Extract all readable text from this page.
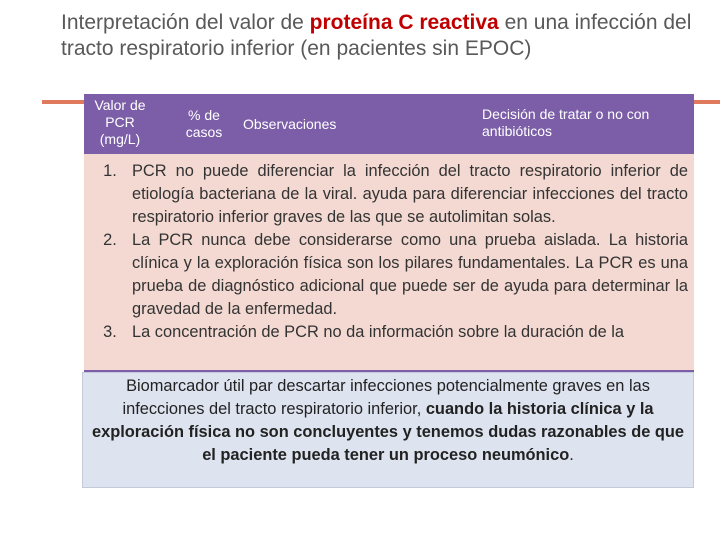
Interpretación del valor de proteína C reactiva en una infección del tracto respiratorio inferior (en pacientes sin EPOC)
Valor de PCR (mg/L)
% de casos	Observaciones
Decisión de tratar o no con antibióticos
1. PCR no puede diferenciar la infección del tracto respiratorio inferior de etiología bacteriana de la viral. ayuda para diferenciar infecciones del tracto respiratorio inferior graves de las que se autolimitan solas.
2. La PCR nunca debe considerarse como una prueba aislada. La historia clínica y la exploración física son los pilares fundamentales. La PCR es una prueba de diagnóstico adicional que puede ser de ayuda para determinar la gravedad de la enfermedad.
3. La concentración de PCR no da información sobre la duración de la

Biomarcador útil par descartar infecciones potencialmente graves en las infecciones del tracto respiratorio inferior, cuando la historia clínica y la exploración física no son concluyentes y tenemos dudas razonables de que el paciente pueda tener un proceso neumónico.
